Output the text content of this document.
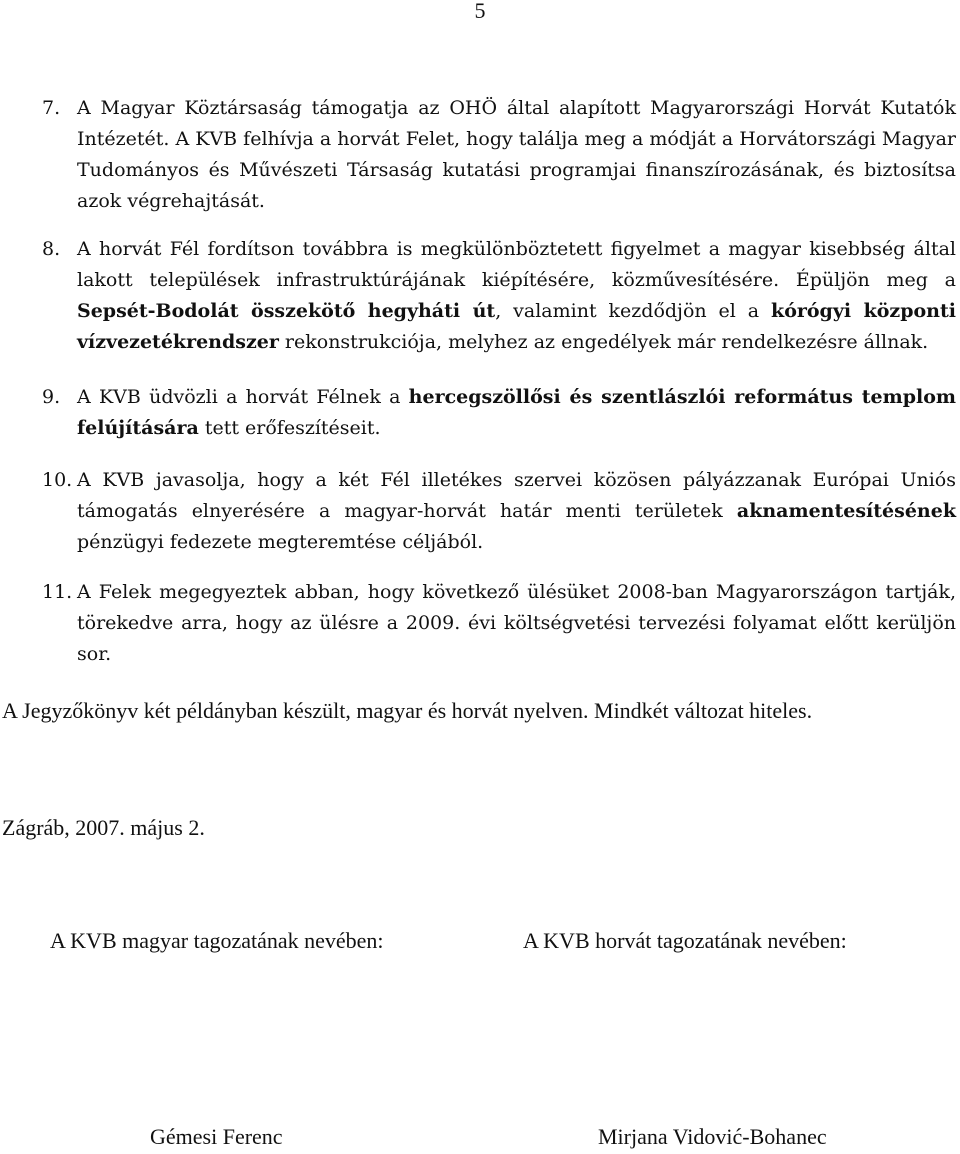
5
7. A Magyar Köztársaság támogatja az OHÖ által alapított Magyarországi Horvát Kutatók Intézetét. A KVB felhívja a horvát Felet, hogy találja meg a módját a Horvátországi Magyar Tudományos és Művészeti Társaság kutatási programjai finanszírozásának, és biztosítsa azok végrehajtását.
8. A horvát Fél fordítson továbbra is megkülönböztetett figyelmet a magyar kisebbség által lakott települések infrastruktúrájának kiépítésére, közművesítésére. Épüljön meg a Sepsét-Bodolát összekötő hegyháti út, valamint kezdődjön el a kórógyi központi vízvezetékrendszer rekonstrukciója, melyhez az engedélyek már rendelkezésre állnak.
9. A KVB üdvözli a horvát Félnek a hercegszöllősi és szentlászlói református templom felújítására tett erőfeszítéseit.
10. A KVB javasolja, hogy a két Fél illetékes szervei közösen pályázzanak Európai Uniós támogatás elnyerésére a magyar-horvát határ menti területek aknamentesítésének pénzügyi fedezete megteremtése céljából.
11. A Felek megegyeztek abban, hogy következő ülésüket 2008-ban Magyarországon tartják, törekedve arra, hogy az ülésre a 2009. évi költségvetési tervezési folyamat előtt kerüljön sor.
A Jegyzőkönyv két példányban készült, magyar és horvát nyelven. Mindkét változat hiteles.
Zágráb, 2007. május 2.
A KVB magyar tagozatának nevében:	A KVB horvát tagozatának nevében:
Gémesi Ferenc	Mirjana Vidović-Bohanec
